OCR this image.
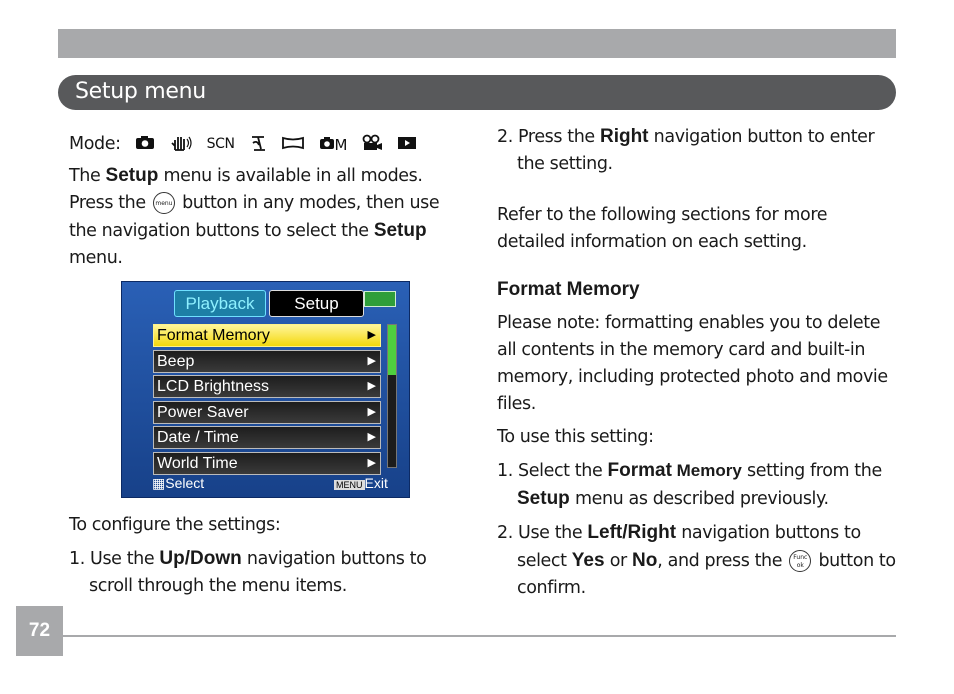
Setup menu
Mode:	SCN	M

The Setup menu is available in all modes.

Press the menu button in any modes, then use the navigation buttons to select the Setup menu.

Playback	Setup
Format Memory	▶
Beep	▶
LCD Brightness	▶
Power Saver	▶
Date / Time	▶
World Time	▶
▦Select	MENU Exit

To configure the settings:

1. Use the Up/Down navigation buttons to scroll through the menu items.

2. Press the Right navigation button to enter the setting.

Refer to the following sections for more detailed information on each setting.

Format Memory

Please note: formatting enables you to delete all contents in the memory card and built-in memory, including protected photo and movie files.

To use this setting:

1. Select the Format Memory setting from the Setup menu as described previously.

2. Use the Left/Right navigation buttons to select Yes or No, and press the Func
ok button to confirm.

72
